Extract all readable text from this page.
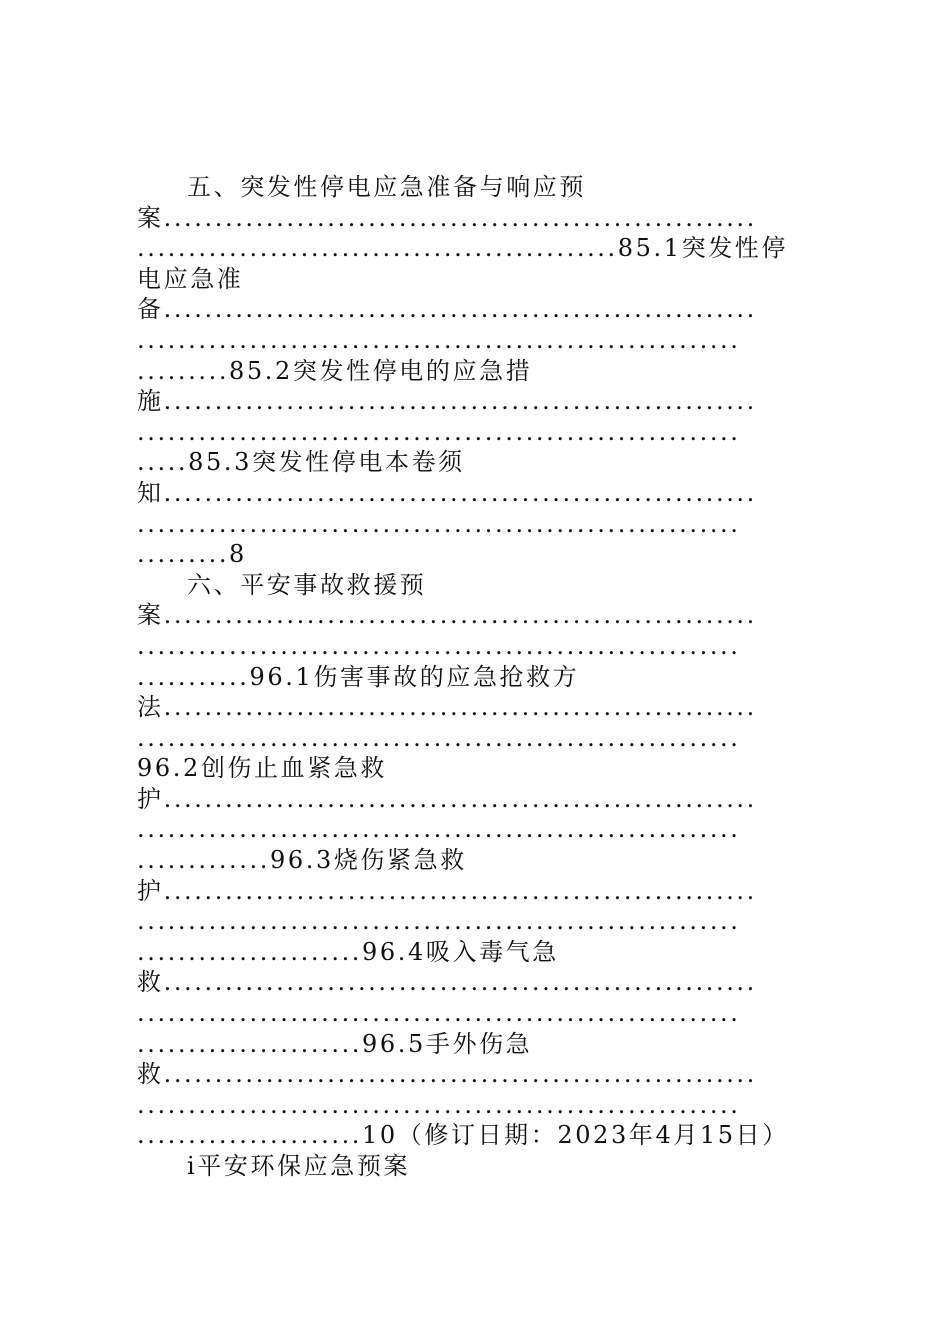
五、突发性停电应急准备与响应预
案..........................................................
...............................................85.1突发性停
电应急准
备..........................................................
...........................................................
.........85.2突发性停电的应急措
施..........................................................
...........................................................
.....85.3突发性停电本卷须
知..........................................................
...........................................................
.........8
六、平安事故救援预
案..........................................................
...........................................................
...........96.1伤害事故的应急抢救方
法..........................................................
...........................................................
96.2创伤止血紧急救
护..........................................................
...........................................................
.............96.3烧伤紧急救
护..........................................................
...........................................................
......................96.4吸入毒气急
救..........................................................
...........................................................
......................96.5手外伤急
救..........................................................
...........................................................
......................10（修订日期：2023年4月15日）
i平安环保应急预案
